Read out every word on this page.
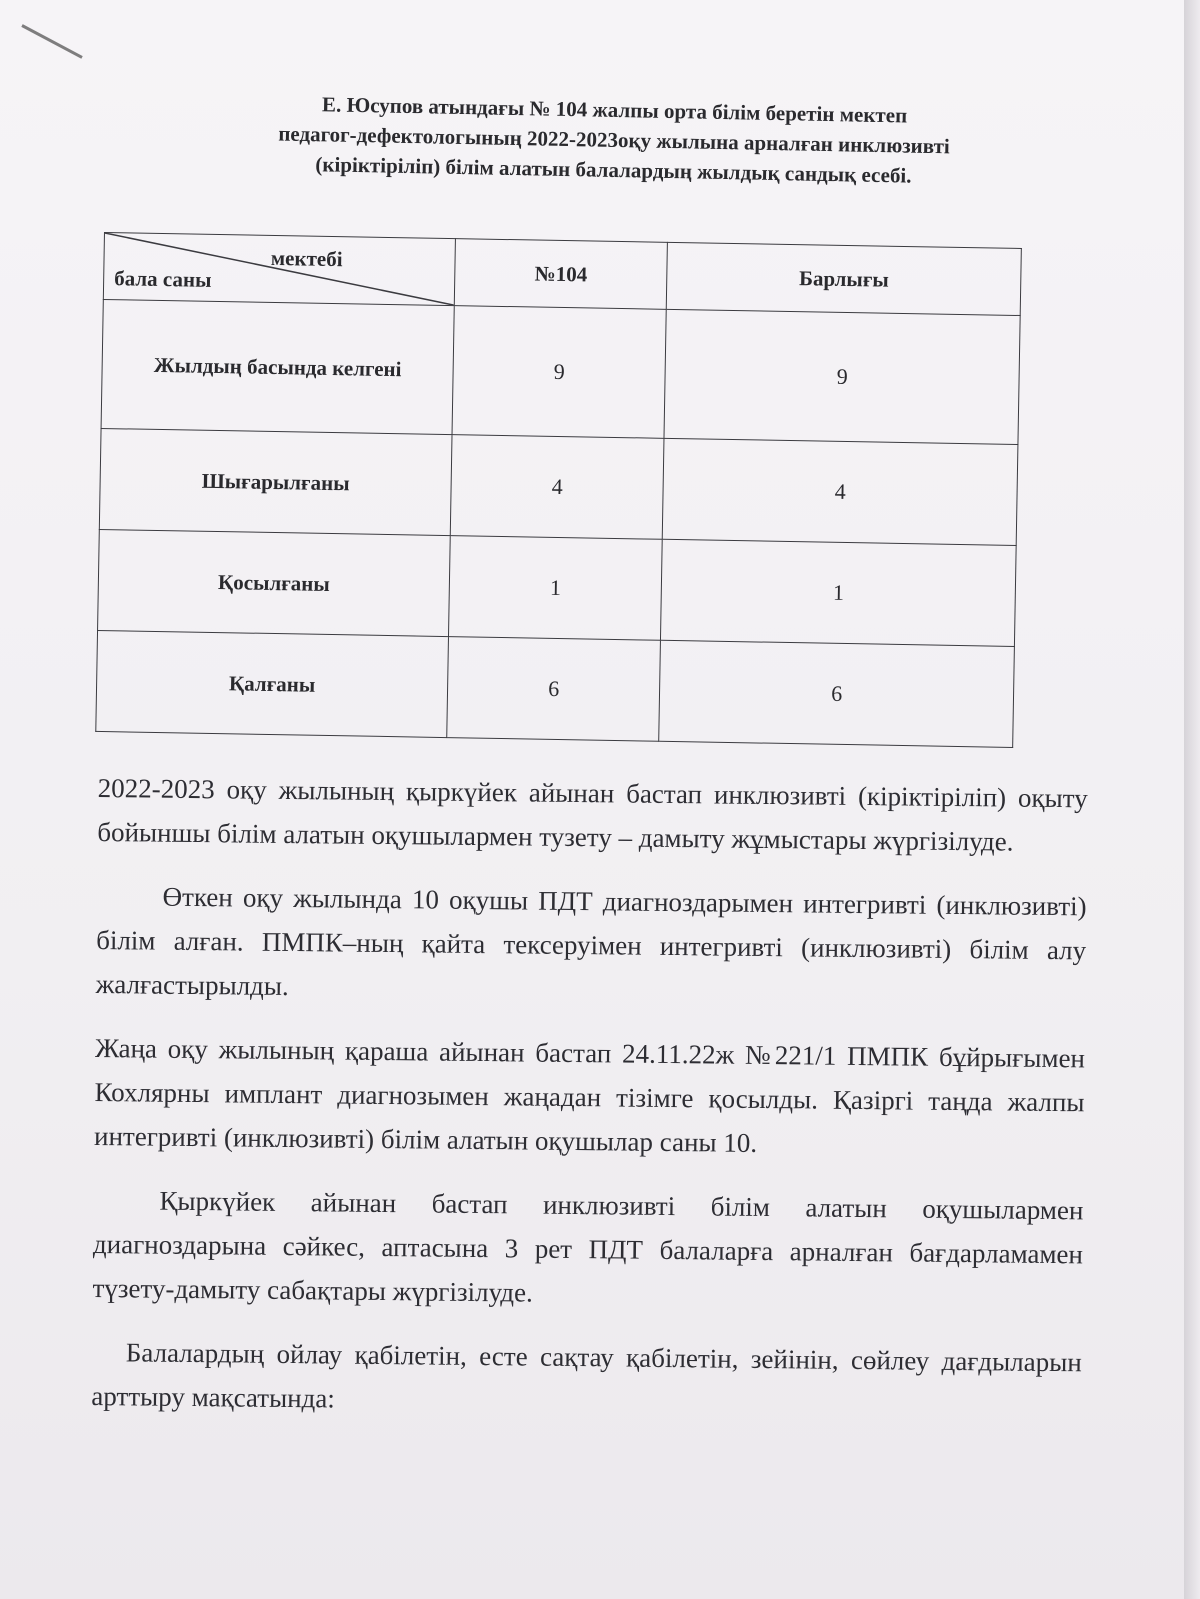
Е. Юсупов атындағы № 104 жалпы орта білім беретін мектеп
педагог-дефектологының 2022-2023оқу жылына арналған инклюзивті
(кіріктіріліп) білім алатын балалардың жылдық сандық есебі.
мектебі
бала саны	№104	Барлығы
Жылдың басында келгені	9	9
Шығарылғаны	4	4
Қосылғаны	1	1
Қалғаны	6	6

2022-2023 оқу жылының қыркүйек айынан бастап инклюзивті (кіріктіріліп) оқыту бойыншы білім алатын оқушылармен тузету – дамыту жұмыстары жүргізілуде.

Өткен оқу жылында 10 оқушы ПДТ диагноздарымен интегривті (инклюзивті) білім алған. ПМПК–ның қайта тексеруімен интегривті (инклюзивті) білім алу жалғастырылды.

Жаңа оқу жылының қараша айынан бастап 24.11.22ж №221/1 ПМПК бұйрығымен Кохлярны имплант диагнозымен жаңадан тізімге қосылды. Қазіргі таңда жалпы интегривті (инклюзивті) білім алатын оқушылар саны 10.

Қыркүйек айынан бастап инклюзивті білім алатын оқушылармен диагноздарына сәйкес, аптасына 3 рет ПДТ балаларға арналған бағдарламамен түзету-дамыту сабақтары жүргізілуде.

Балалардың ойлау қабілетін, есте сақтау қабілетін, зейінін, сөйлеу дағдыларын арттыру мақсатында:
